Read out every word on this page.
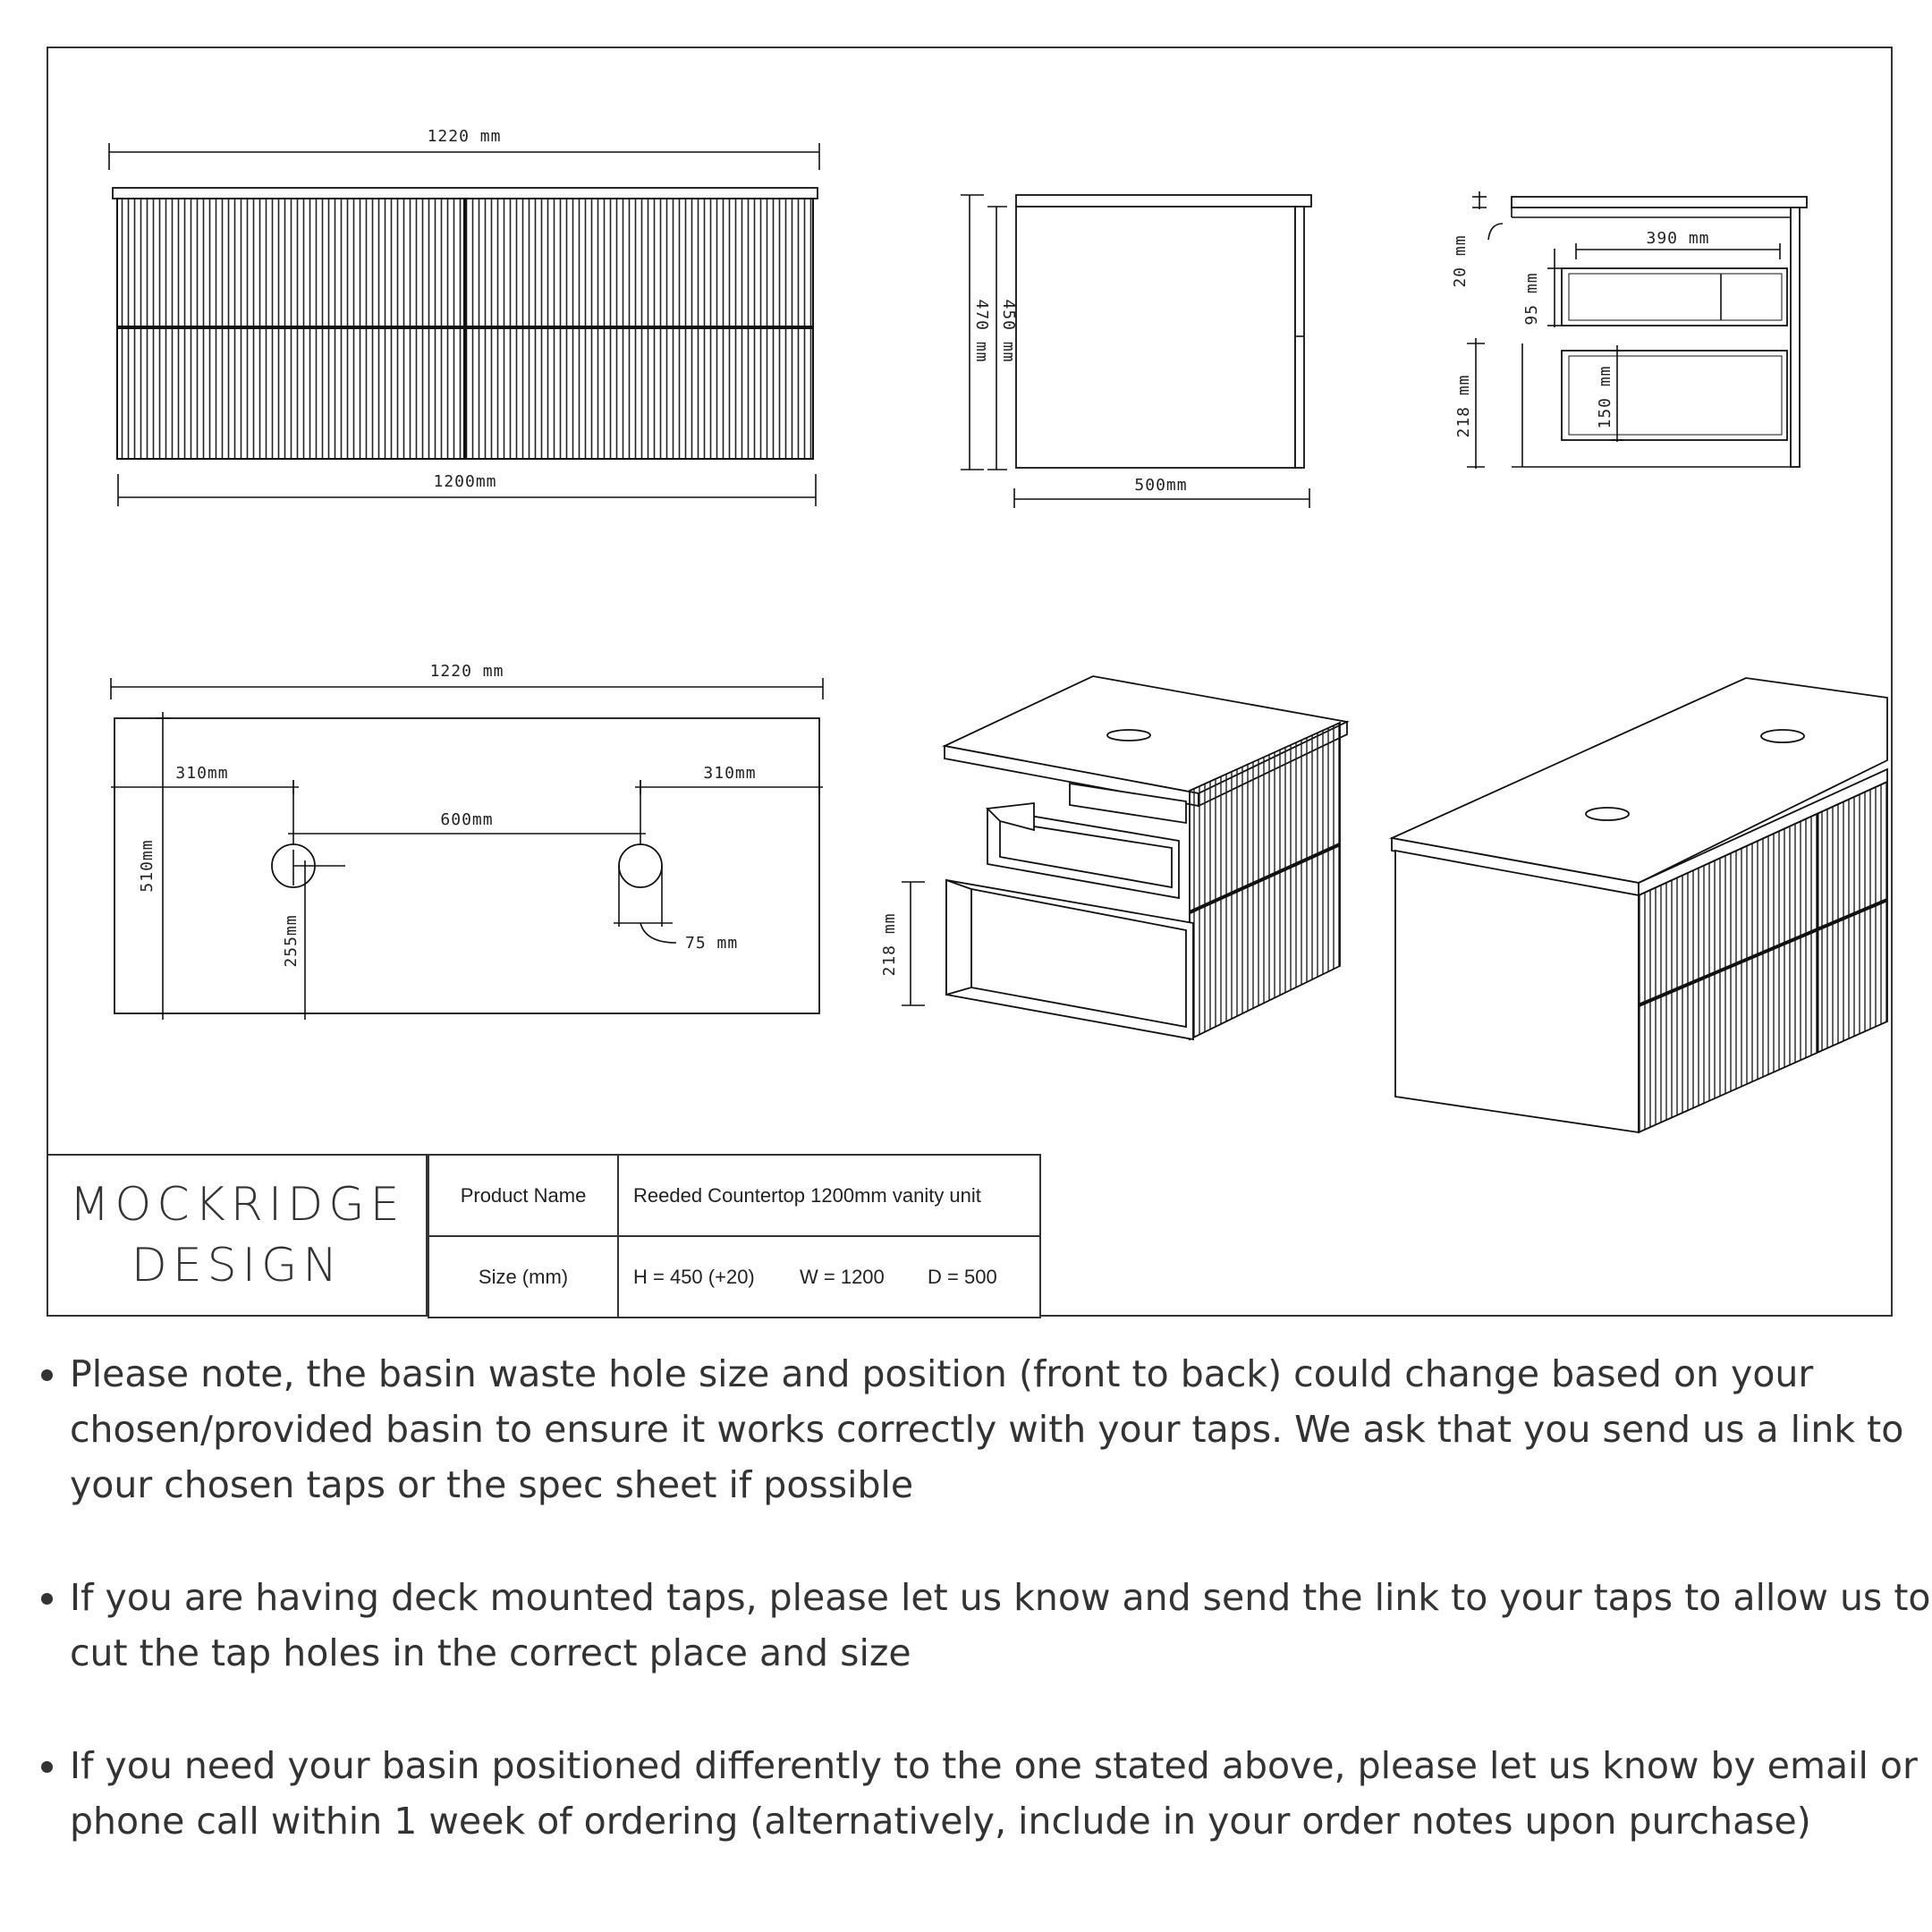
1220 mm
1200mm
470 mm 450 mm
500mm
390 mm
20 mm
95 mm
218 mm	150 mm
1220 mm
510mm
310mm	310mm
600mm
255mm	75 mm	218 mm
MOCKRIDGE
DESIGN
Product Name	Reeded Countertop 1200mm vanity unit
Size (mm)	H = 450 (+20) W = 1200 D = 500
• Please note, the basin waste hole size and position (front to back) could change based on your chosen/provided basin to ensure it works correctly with your taps. We ask that you send us a link to your chosen taps or the spec sheet if possible
• If you are having deck mounted taps, please let us know and send the link to your taps to allow us to cut the tap holes in the correct place and size
• If you need your basin positioned differently to the one stated above, please let us know by email or phone call within 1 week of ordering (alternatively, include in your order notes upon purchase)
